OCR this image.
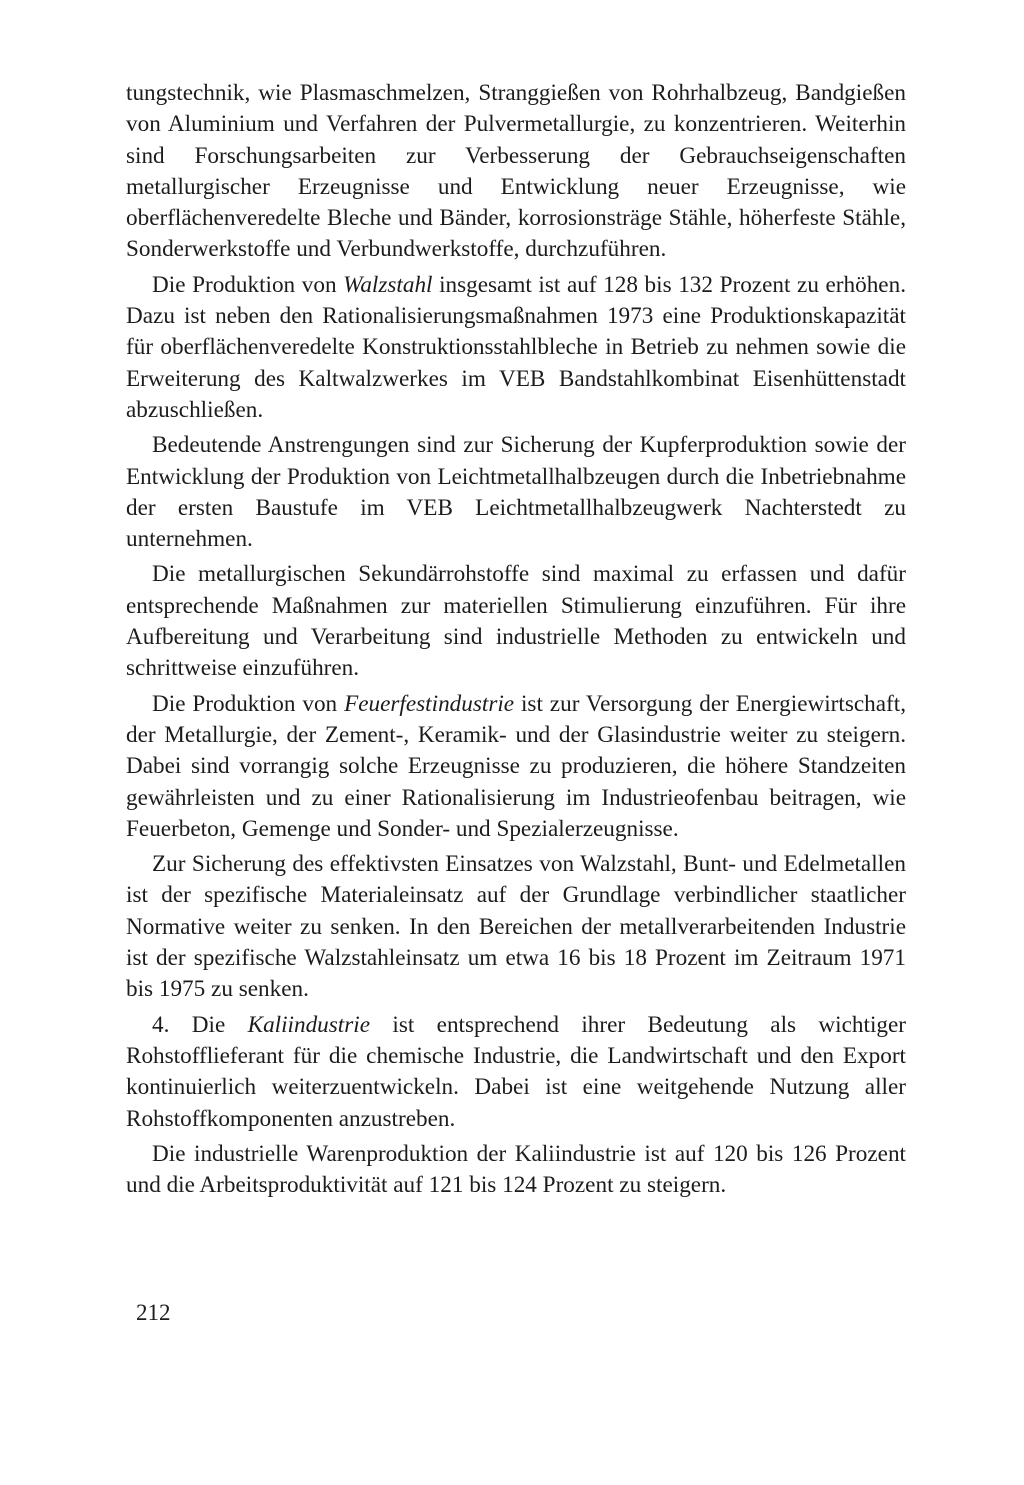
tungstechnik, wie Plasmaschmelzen, Stranggießen von Rohrhalbzeug, Bandgießen von Aluminium und Verfahren der Pulvermetallurgie, zu konzentrieren. Weiterhin sind Forschungsarbeiten zur Verbesserung der Gebrauchseigenschaften metallurgischer Erzeugnisse und Entwicklung neuer Erzeugnisse, wie oberflächenveredelte Bleche und Bänder, korrosionsträge Stähle, höherfeste Stähle, Sonderwerkstoffe und Verbundwerkstoffe, durchzuführen.

Die Produktion von Walzstahl insgesamt ist auf 128 bis 132 Prozent zu erhöhen. Dazu ist neben den Rationalisierungsmaßnahmen 1973 eine Produktionskapazität für oberflächenveredelte Konstruktionsstahlbleche in Betrieb zu nehmen sowie die Erweiterung des Kaltwalzwerkes im VEB Bandstahlkombinat Eisenhüttenstadt abzuschließen.

Bedeutende Anstrengungen sind zur Sicherung der Kupferproduktion sowie der Entwicklung der Produktion von Leichtmetallhalbzeugen durch die Inbetriebnahme der ersten Baustufe im VEB Leichtmetallhalbzeugwerk Nachterstedt zu unternehmen.

Die metallurgischen Sekundärrohstoffe sind maximal zu erfassen und dafür entsprechende Maßnahmen zur materiellen Stimulierung einzuführen. Für ihre Aufbereitung und Verarbeitung sind industrielle Methoden zu entwickeln und schrittweise einzuführen.

Die Produktion von Feuerfestindustrie ist zur Versorgung der Energiewirtschaft, der Metallurgie, der Zement-, Keramik- und der Glasindustrie weiter zu steigern. Dabei sind vorrangig solche Erzeugnisse zu produzieren, die höhere Standzeiten gewährleisten und zu einer Rationalisierung im Industrieofenbau beitragen, wie Feuerbeton, Gemenge und Sonder- und Spezialerzeugnisse.

Zur Sicherung des effektivsten Einsatzes von Walzstahl, Bunt- und Edelmetallen ist der spezifische Materialeinsatz auf der Grundlage verbindlicher staatlicher Normative weiter zu senken. In den Bereichen der metallverarbeitenden Industrie ist der spezifische Walzstahleinsatz um etwa 16 bis 18 Prozent im Zeitraum 1971 bis 1975 zu senken.

4. Die Kaliindustrie ist entsprechend ihrer Bedeutung als wichtiger Rohstofflieferant für die chemische Industrie, die Landwirtschaft und den Export kontinuierlich weiterzuentwickeln. Dabei ist eine weitgehende Nutzung aller Rohstoffkomponenten anzustreben.

Die industrielle Warenproduktion der Kaliindustrie ist auf 120 bis 126 Prozent und die Arbeitsproduktivität auf 121 bis 124 Prozent zu steigern.

212
